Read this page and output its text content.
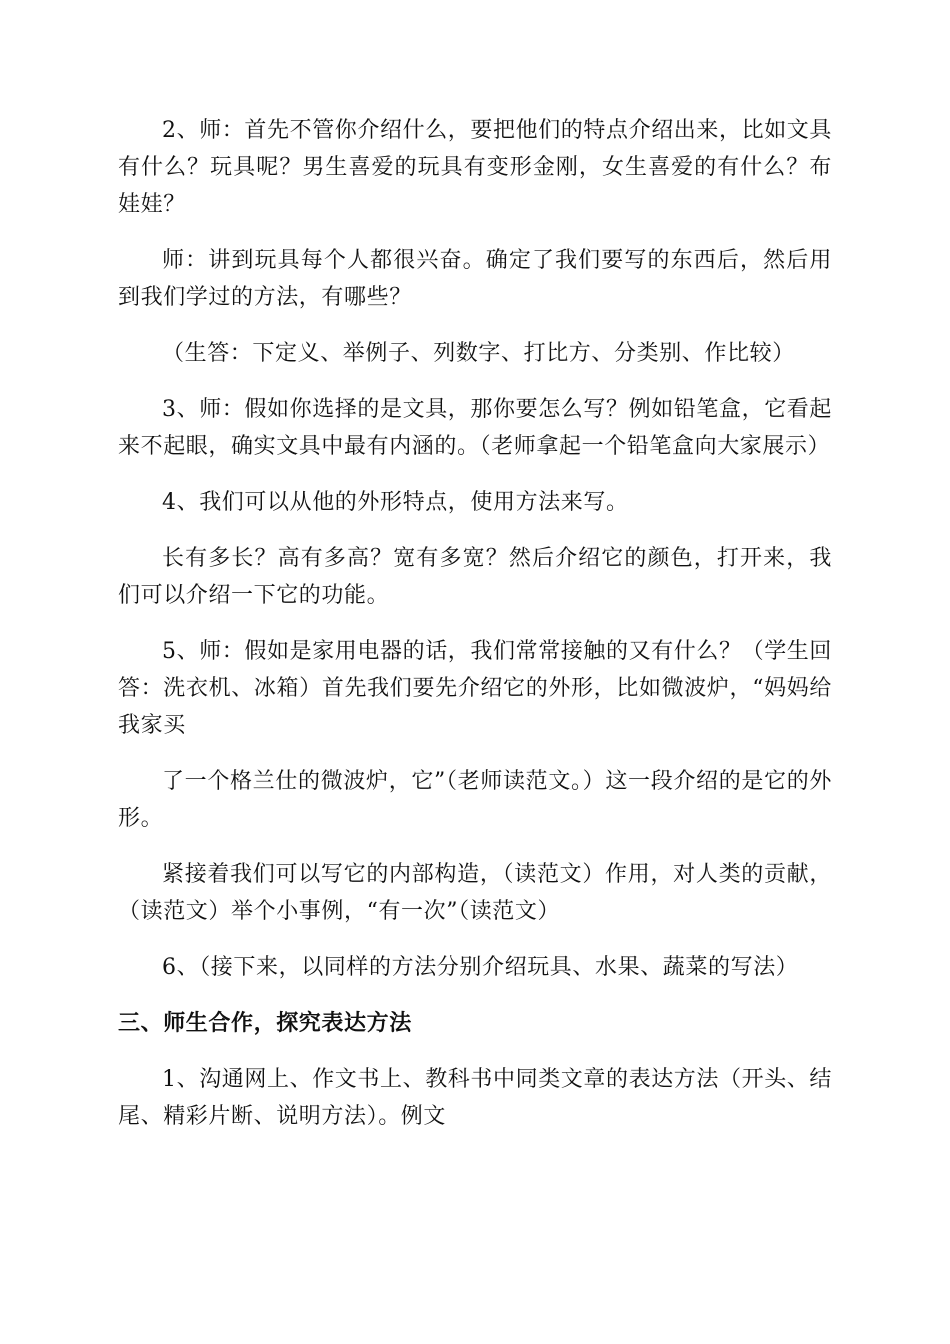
2、师：首先不管你介绍什么，要把他们的特点介绍出来，比如文具有什么？玩具呢？男生喜爱的玩具有变形金刚，女生喜爱的有什么？布娃娃？

师：讲到玩具每个人都很兴奋。确定了我们要写的东西后，然后用到我们学过的方法，有哪些？

（生答：下定义、举例子、列数字、打比方、分类别、作比较）

3、师：假如你选择的是文具，那你要怎么写？例如铅笔盒，它看起来不起眼，确实文具中最有内涵的。（老师拿起一个铅笔盒向大家展示）

4、我们可以从他的外形特点，使用方法来写。

长有多长？高有多高？宽有多宽？然后介绍它的颜色，打开来，我们可以介绍一下它的功能。

5、师：假如是家用电器的话，我们常常接触的又有什么？（学生回答：洗衣机、冰箱）首先我们要先介绍它的外形，比如微波炉，“妈妈给我家买

了一个格兰仕的微波炉，它”（老师读范文。）这一段介绍的是它的外形。

紧接着我们可以写它的内部构造，（读范文）作用，对人类的贡献，（读范文）举个小事例，“有一次”（读范文）

6、（接下来，以同样的方法分别介绍玩具、水果、蔬菜的写法）

三、师生合作，探究表达方法

1、沟通网上、作文书上、教科书中同类文章的表达方法（开头、结尾、精彩片断、说明方法）。例文
